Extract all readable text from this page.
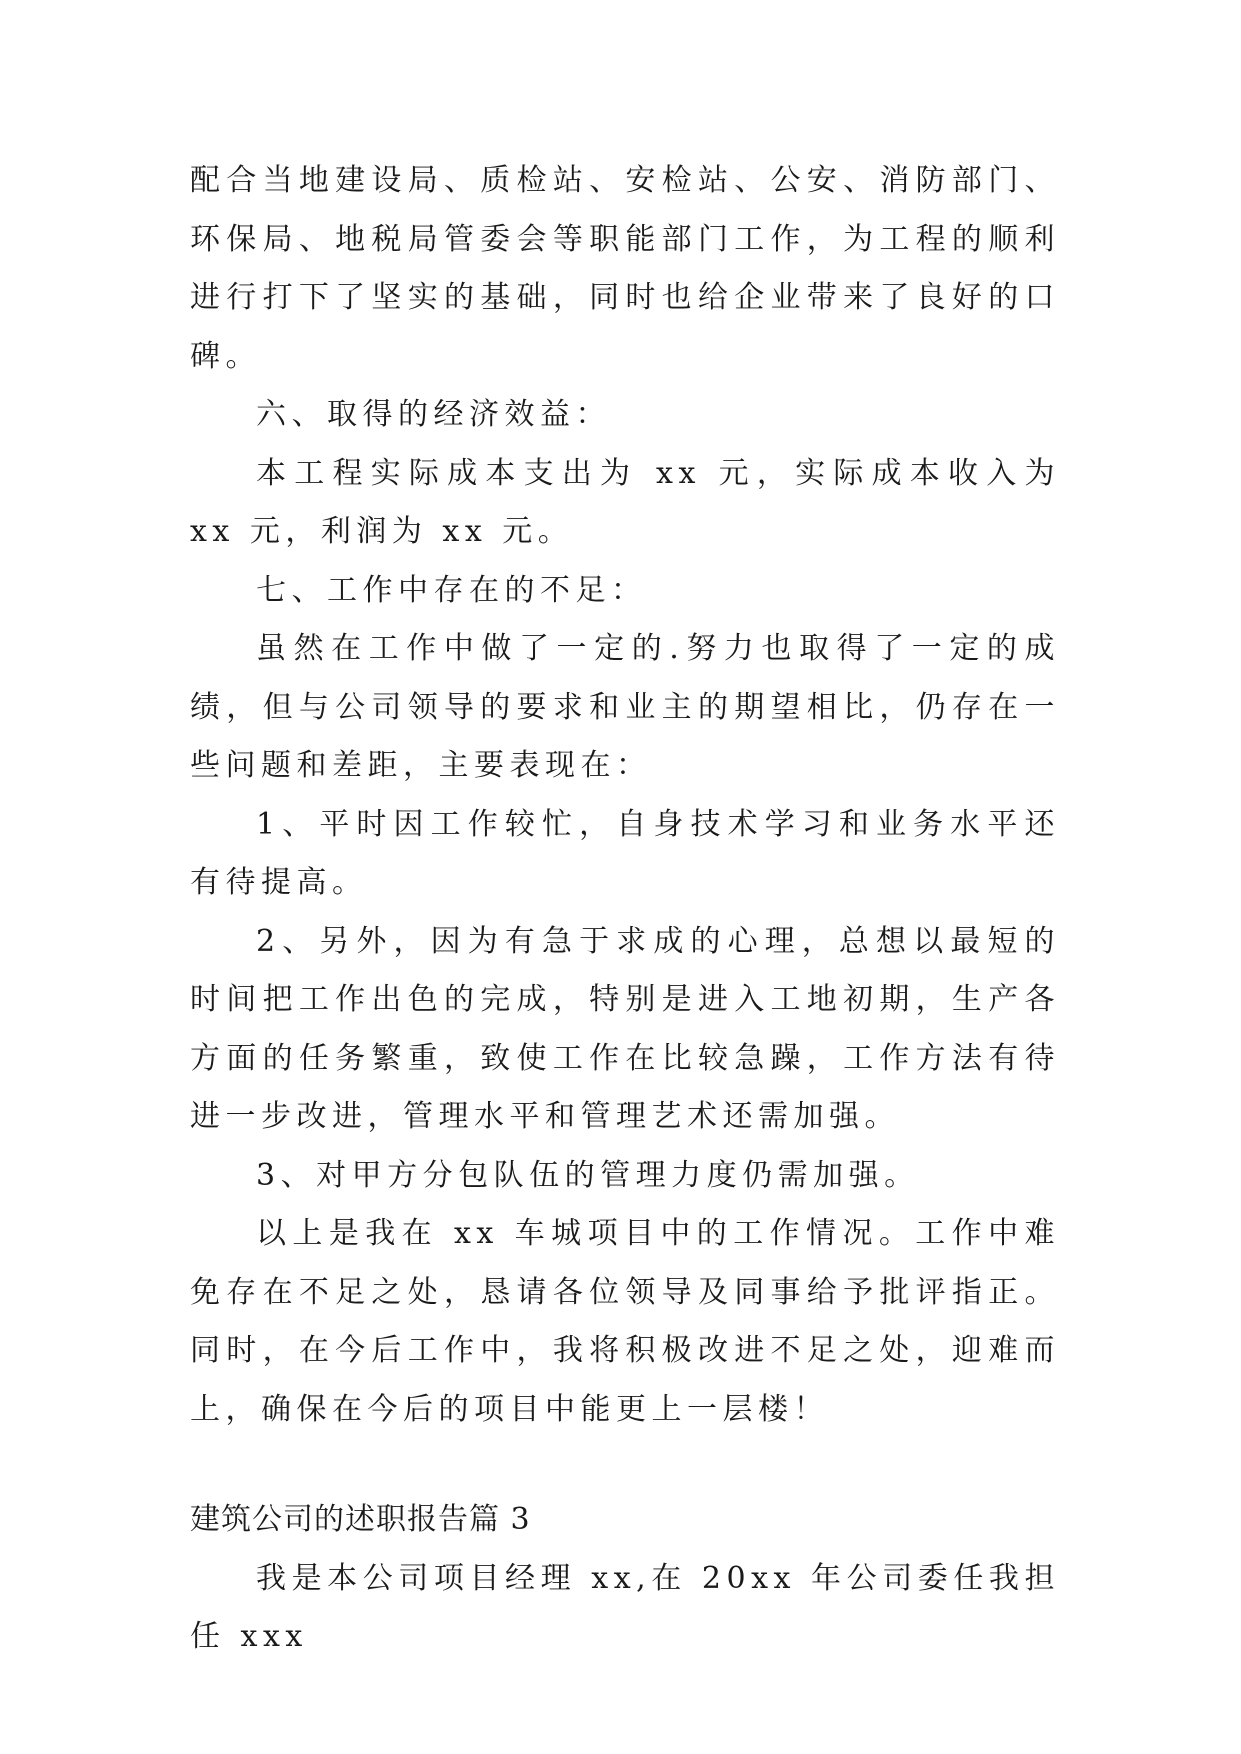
配合当地建设局、质检站、安检站、公安、消防部门、环保局、地税局管委会等职能部门工作，为工程的顺利进行打下了坚实的基础，同时也给企业带来了良好的口碑。

六、取得的经济效益：

本工程实际成本支出为 xx 元，实际成本收入为 xx 元，利润为 xx 元。

七、工作中存在的不足：

虽然在工作中做了一定的.努力也取得了一定的成绩，但与公司领导的要求和业主的期望相比，仍存在一些问题和差距，主要表现在：

1、平时因工作较忙，自身技术学习和业务水平还有待提高。

2、另外，因为有急于求成的心理，总想以最短的时间把工作出色的完成，特别是进入工地初期，生产各方面的任务繁重，致使工作在比较急躁，工作方法有待进一步改进，管理水平和管理艺术还需加强。

3、对甲方分包队伍的管理力度仍需加强。

以上是我在 xx 车城项目中的工作情况。工作中难免存在不足之处，恳请各位领导及同事给予批评指正。同时，在今后工作中，我将积极改进不足之处，迎难而上，确保在今后的项目中能更上一层楼！

建筑公司的述职报告篇 3

我是本公司项目经理 xx,在 20xx 年公司委任我担任 xxx
